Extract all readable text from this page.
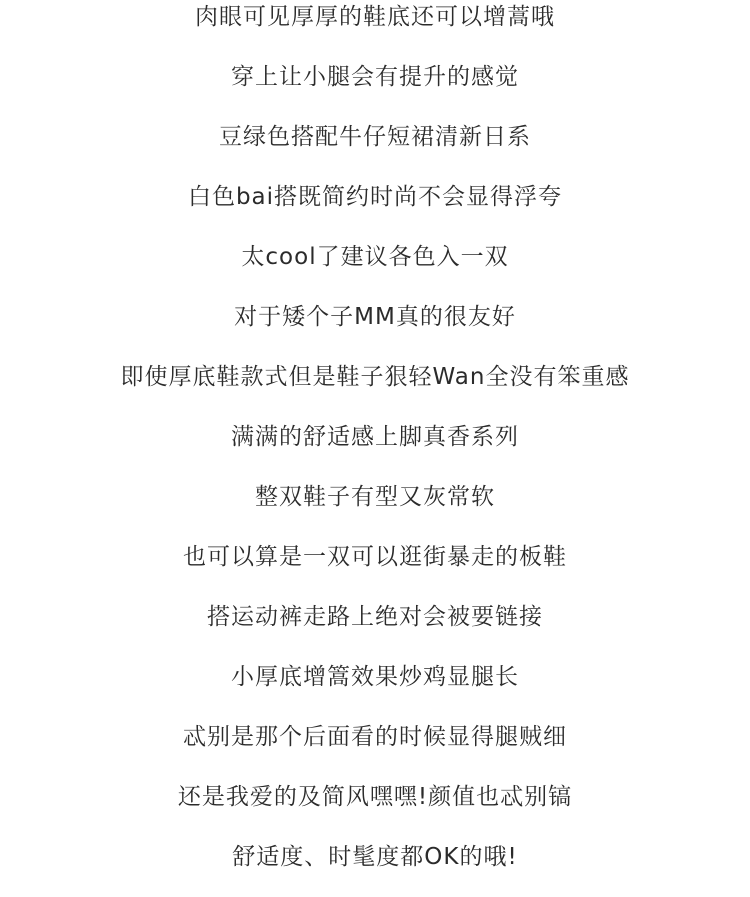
肉眼可见厚厚的鞋底还可以增蒿哦
穿上让小腿会有提升的感觉
豆绿色搭配牛仔短裙清新日系
白色bai搭既简约时尚不会显得浮夸
太cool了建议各色入一双
对于矮个子MM真的很友好
即使厚底鞋款式但是鞋子狠轻Wan全没有笨重感
满满的舒适感上脚真香系列
整双鞋子有型又灰常软
也可以算是一双可以逛街暴走的板鞋
搭运动裤走路上绝对会被要链接
小厚底增篙效果炒鸡显腿长
忒别是那个后面看的时候显得腿贼细
还是我爱的及简风嘿嘿!颜值也忒别镐
舒适度、时髦度都OK的哦!
